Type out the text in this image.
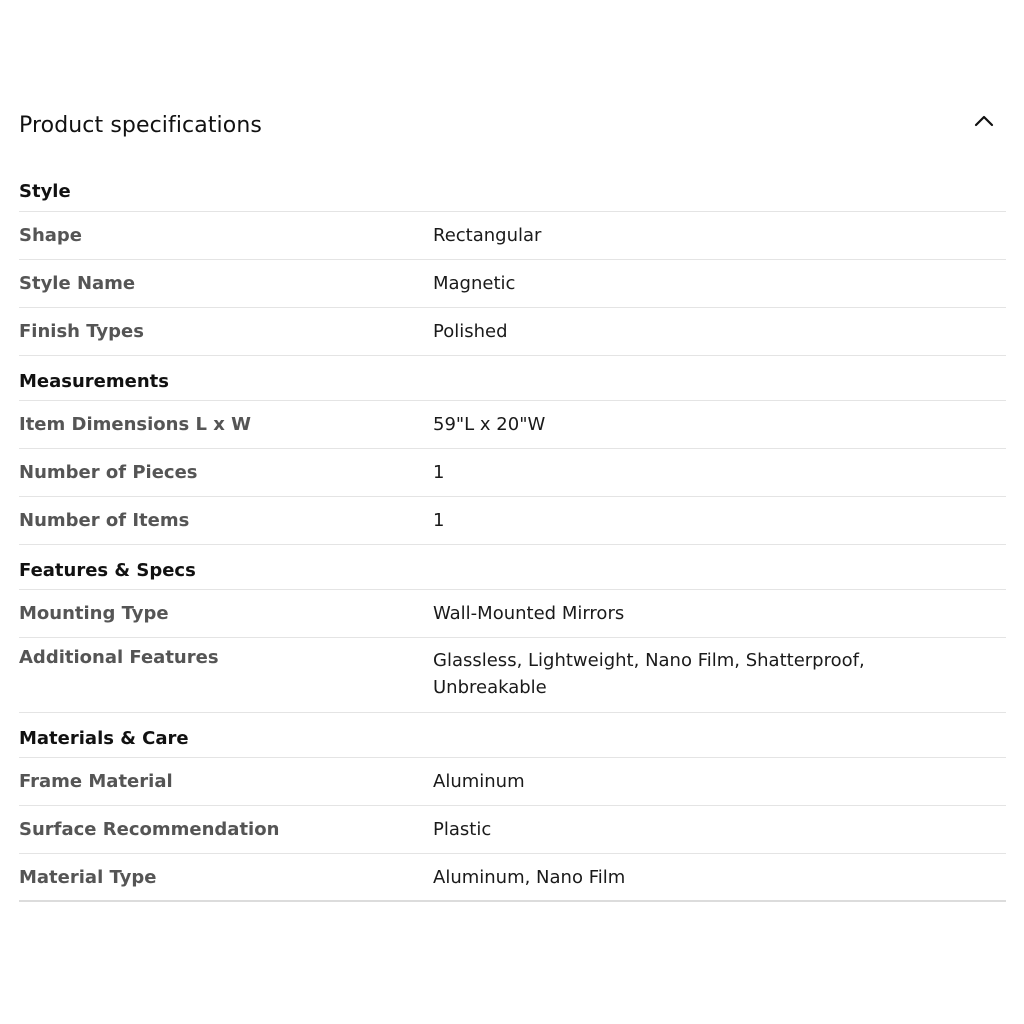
Product specifications
Style
Shape	Rectangular
Style Name	Magnetic
Finish Types	Polished
Measurements
Item Dimensions L x W	59"L x 20"W
Number of Pieces	1
Number of Items	1
Features & Specs
Mounting Type	Wall-Mounted Mirrors
Additional Features	Glassless, Lightweight, Nano Film, Shatterproof, Unbreakable
Materials & Care
Frame Material	Aluminum
Surface Recommendation	Plastic
Material Type	Aluminum, Nano Film
